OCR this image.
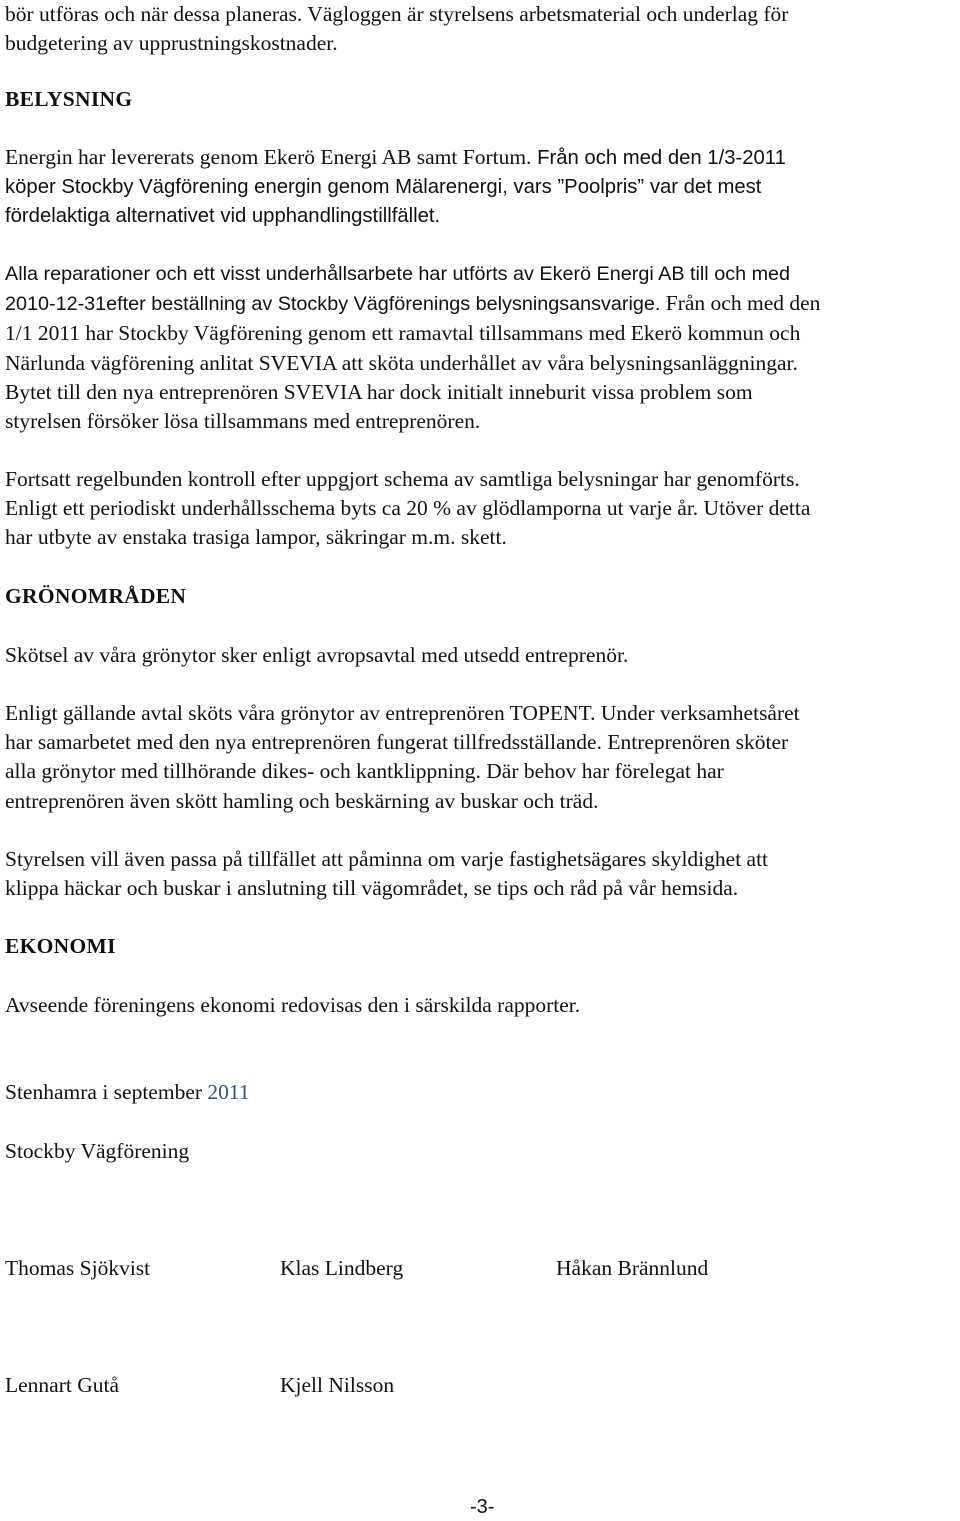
bör utföras och när dessa planeras. Vägloggen är styrelsens arbetsmaterial och underlag för
budgetering av upprustningskostnader.
BELYSNING
Energin har levererats genom Ekerö Energi AB samt Fortum. Från och med den 1/3-2011
köper Stockby Vägförening energin genom Mälarenergi, vars ”Poolpris” var det mest
fördelaktiga alternativet vid upphandlingstillfället.
Alla reparationer och ett visst underhållsarbete har utförts av Ekerö Energi AB till och med
2010-12-31efter beställning av Stockby Vägförenings belysningsansvarige. Från och med den
1/1 2011 har Stockby Vägförening genom ett ramavtal tillsammans med Ekerö kommun och
Närlunda vägförening anlitat SVEVIA att sköta underhållet av våra belysningsanläggningar.
Bytet till den nya entreprenören SVEVIA har dock initialt inneburit vissa problem som
styrelsen försöker lösa tillsammans med entreprenören.
Fortsatt regelbunden kontroll efter uppgjort schema av samtliga belysningar har genomförts.
Enligt ett periodiskt underhållsschema byts ca 20 % av glödlamporna ut varje år. Utöver detta
har utbyte av enstaka trasiga lampor, säkringar m.m. skett.
GRÖNOMRÅDEN
Skötsel av våra grönytor sker enligt avropsavtal med utsedd entreprenör.
Enligt gällande avtal sköts våra grönytor av entreprenören TOPENT. Under verksamhetsåret
har samarbetet med den nya entreprenören fungerat tillfredsställande. Entreprenören sköter
alla grönytor med tillhörande dikes- och kantklippning. Där behov har förelegat har
entreprenören även skött hamling och beskärning av buskar och träd.
Styrelsen vill även passa på tillfället att påminna om varje fastighetsägares skyldighet att
klippa häckar och buskar i anslutning till vägområdet, se tips och råd på vår hemsida.
EKONOMI
Avseende föreningens ekonomi redovisas den i särskilda rapporter.
Stenhamra i september 2011
Stockby Vägförening
Thomas Sjökvist	Klas Lindberg	Håkan Brännlund
Lennart Gutå	Kjell Nilsson
-3-
